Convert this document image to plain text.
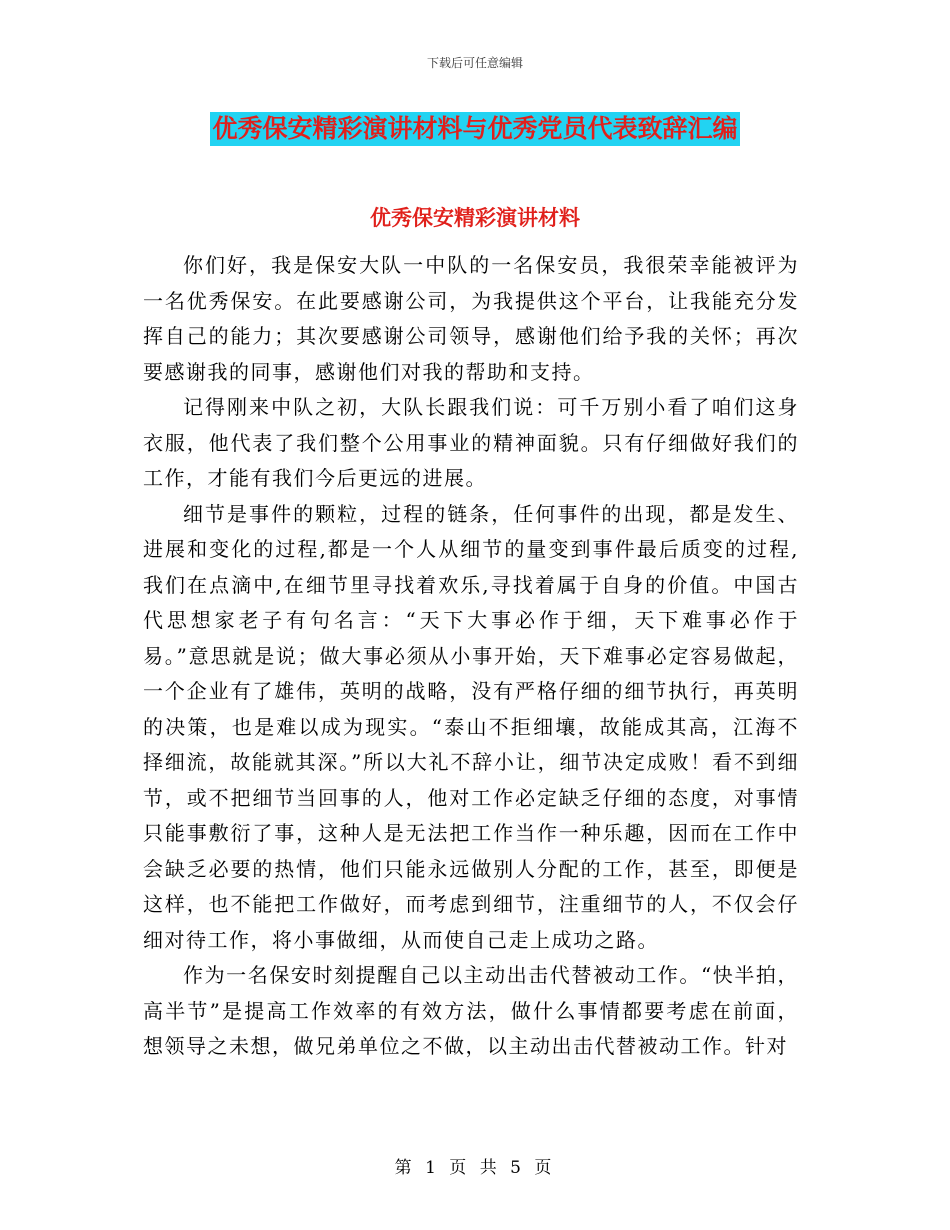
下载后可任意编辑
优秀保安精彩演讲材料与优秀党员代表致辞汇编
优秀保安精彩演讲材料

你们好，我是保安大队一中队的一名保安员，我很荣幸能被评为一名优秀保安。在此要感谢公司，为我提供这个平台，让我能充分发挥自己的能力；其次要感谢公司领导，感谢他们给予我的关怀；再次要感谢我的同事，感谢他们对我的帮助和支持。

记得刚来中队之初，大队长跟我们说：可千万别小看了咱们这身衣服，他代表了我们整个公用事业的精神面貌。只有仔细做好我们的工作，才能有我们今后更远的进展。

细节是事件的颗粒，过程的链条，任何事件的出现，都是发生、进展和变化的过程,都是一个人从细节的量变到事件最后质变的过程,我们在点滴中,在细节里寻找着欢乐,寻找着属于自身的价值。中国古代思想家老子有句名言：“天下大事必作于细，天下难事必作于易。”意思就是说；做大事必须从小事开始，天下难事必定容易做起，一个企业有了雄伟，英明的战略，没有严格仔细的细节执行，再英明的决策，也是难以成为现实。“泰山不拒细壤，故能成其高，江海不择细流，故能就其深。”所以大礼不辞小让，细节决定成败！看不到细节，或不把细节当回事的人，他对工作必定缺乏仔细的态度，对事情只能事敷衍了事，这种人是无法把工作当作一种乐趣，因而在工作中会缺乏必要的热情，他们只能永远做别人分配的工作，甚至，即便是这样，也不能把工作做好，而考虑到细节，注重细节的人，不仅会仔细对待工作，将小事做细，从而使自己走上成功之路。

作为一名保安时刻提醒自己以主动出击代替被动工作。“快半拍，高半节”是提高工作效率的有效方法，做什么事情都要考虑在前面，想领导之未想，做兄弟单位之不做，以主动出击代替被动工作。针对

第 1 页 共 5 页
